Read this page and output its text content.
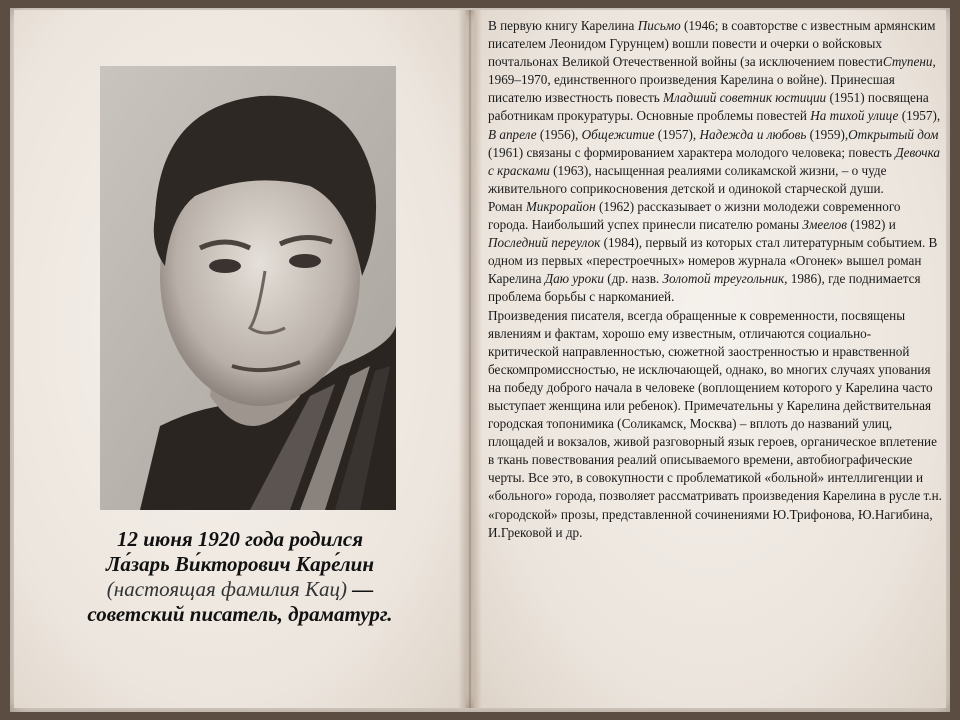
12 июня 1920 года родился
Ла́зарь Ви́кторович Каре́лин
(настоящая фамилия Кац) —
советский писатель, драматург.

В первую книгу Карелина Письмо (1946; в соавторстве с известным армянским писателем Леонидом Гурунцем) вошли повести и очерки о войсковых почтальонах Великой Отечественной войны (за исключением повестиСтупени, 1969–1970, единственного произведения Карелина о войне). Принесшая писателю известность повесть Младший советник юстиции (1951) посвящена работникам прокуратуры. Основные проблемы повестей На тихой улице (1957), В апреле (1956), Общежитие (1957), Надежда и любовь (1959),Открытый дом (1961) связаны с формированием характера молодого человека; повесть Девочка с красками (1963), насыщенная реалиями соликамской жизни, – о чуде живительного соприкосновения детской и одинокой старческой души.

Роман Микрорайон (1962) рассказывает о жизни молодежи современного города. Наибольший успех принесли писателю романы Змеелов (1982) и Последний переулок (1984), первый из которых стал литературным событием. В одном из первых «перестроечных» номеров журнала «Огонек» вышел роман Карелина Даю уроки (др. назв. Золотой треугольник, 1986), где поднимается проблема борьбы с наркоманией.

Произведения писателя, всегда обращенные к современности, посвящены явлениям и фактам, хорошо ему известным, отличаются социально-критической направленностью, сюжетной заостренностью и нравственной бескомпромиссностью, не исключающей, однако, во многих случаях упования на победу доброго начала в человеке (воплощением которого у Карелина часто выступает женщина или ребенок). Примечательны у Карелина действительная городская топонимика (Соликамск, Москва) – вплоть до названий улиц, площадей и вокзалов, живой разговорный язык героев, органическое вплетение в ткань повествования реалий описываемого времени, автобиографические черты. Все это, в совокупности с проблематикой «больной» интеллигенции и «больного» города, позволяет рассматривать произведения Карелина в русле т.н. «городской» прозы, представленной сочинениями Ю.Трифонова, Ю.Нагибина, И.Грековой и др.
